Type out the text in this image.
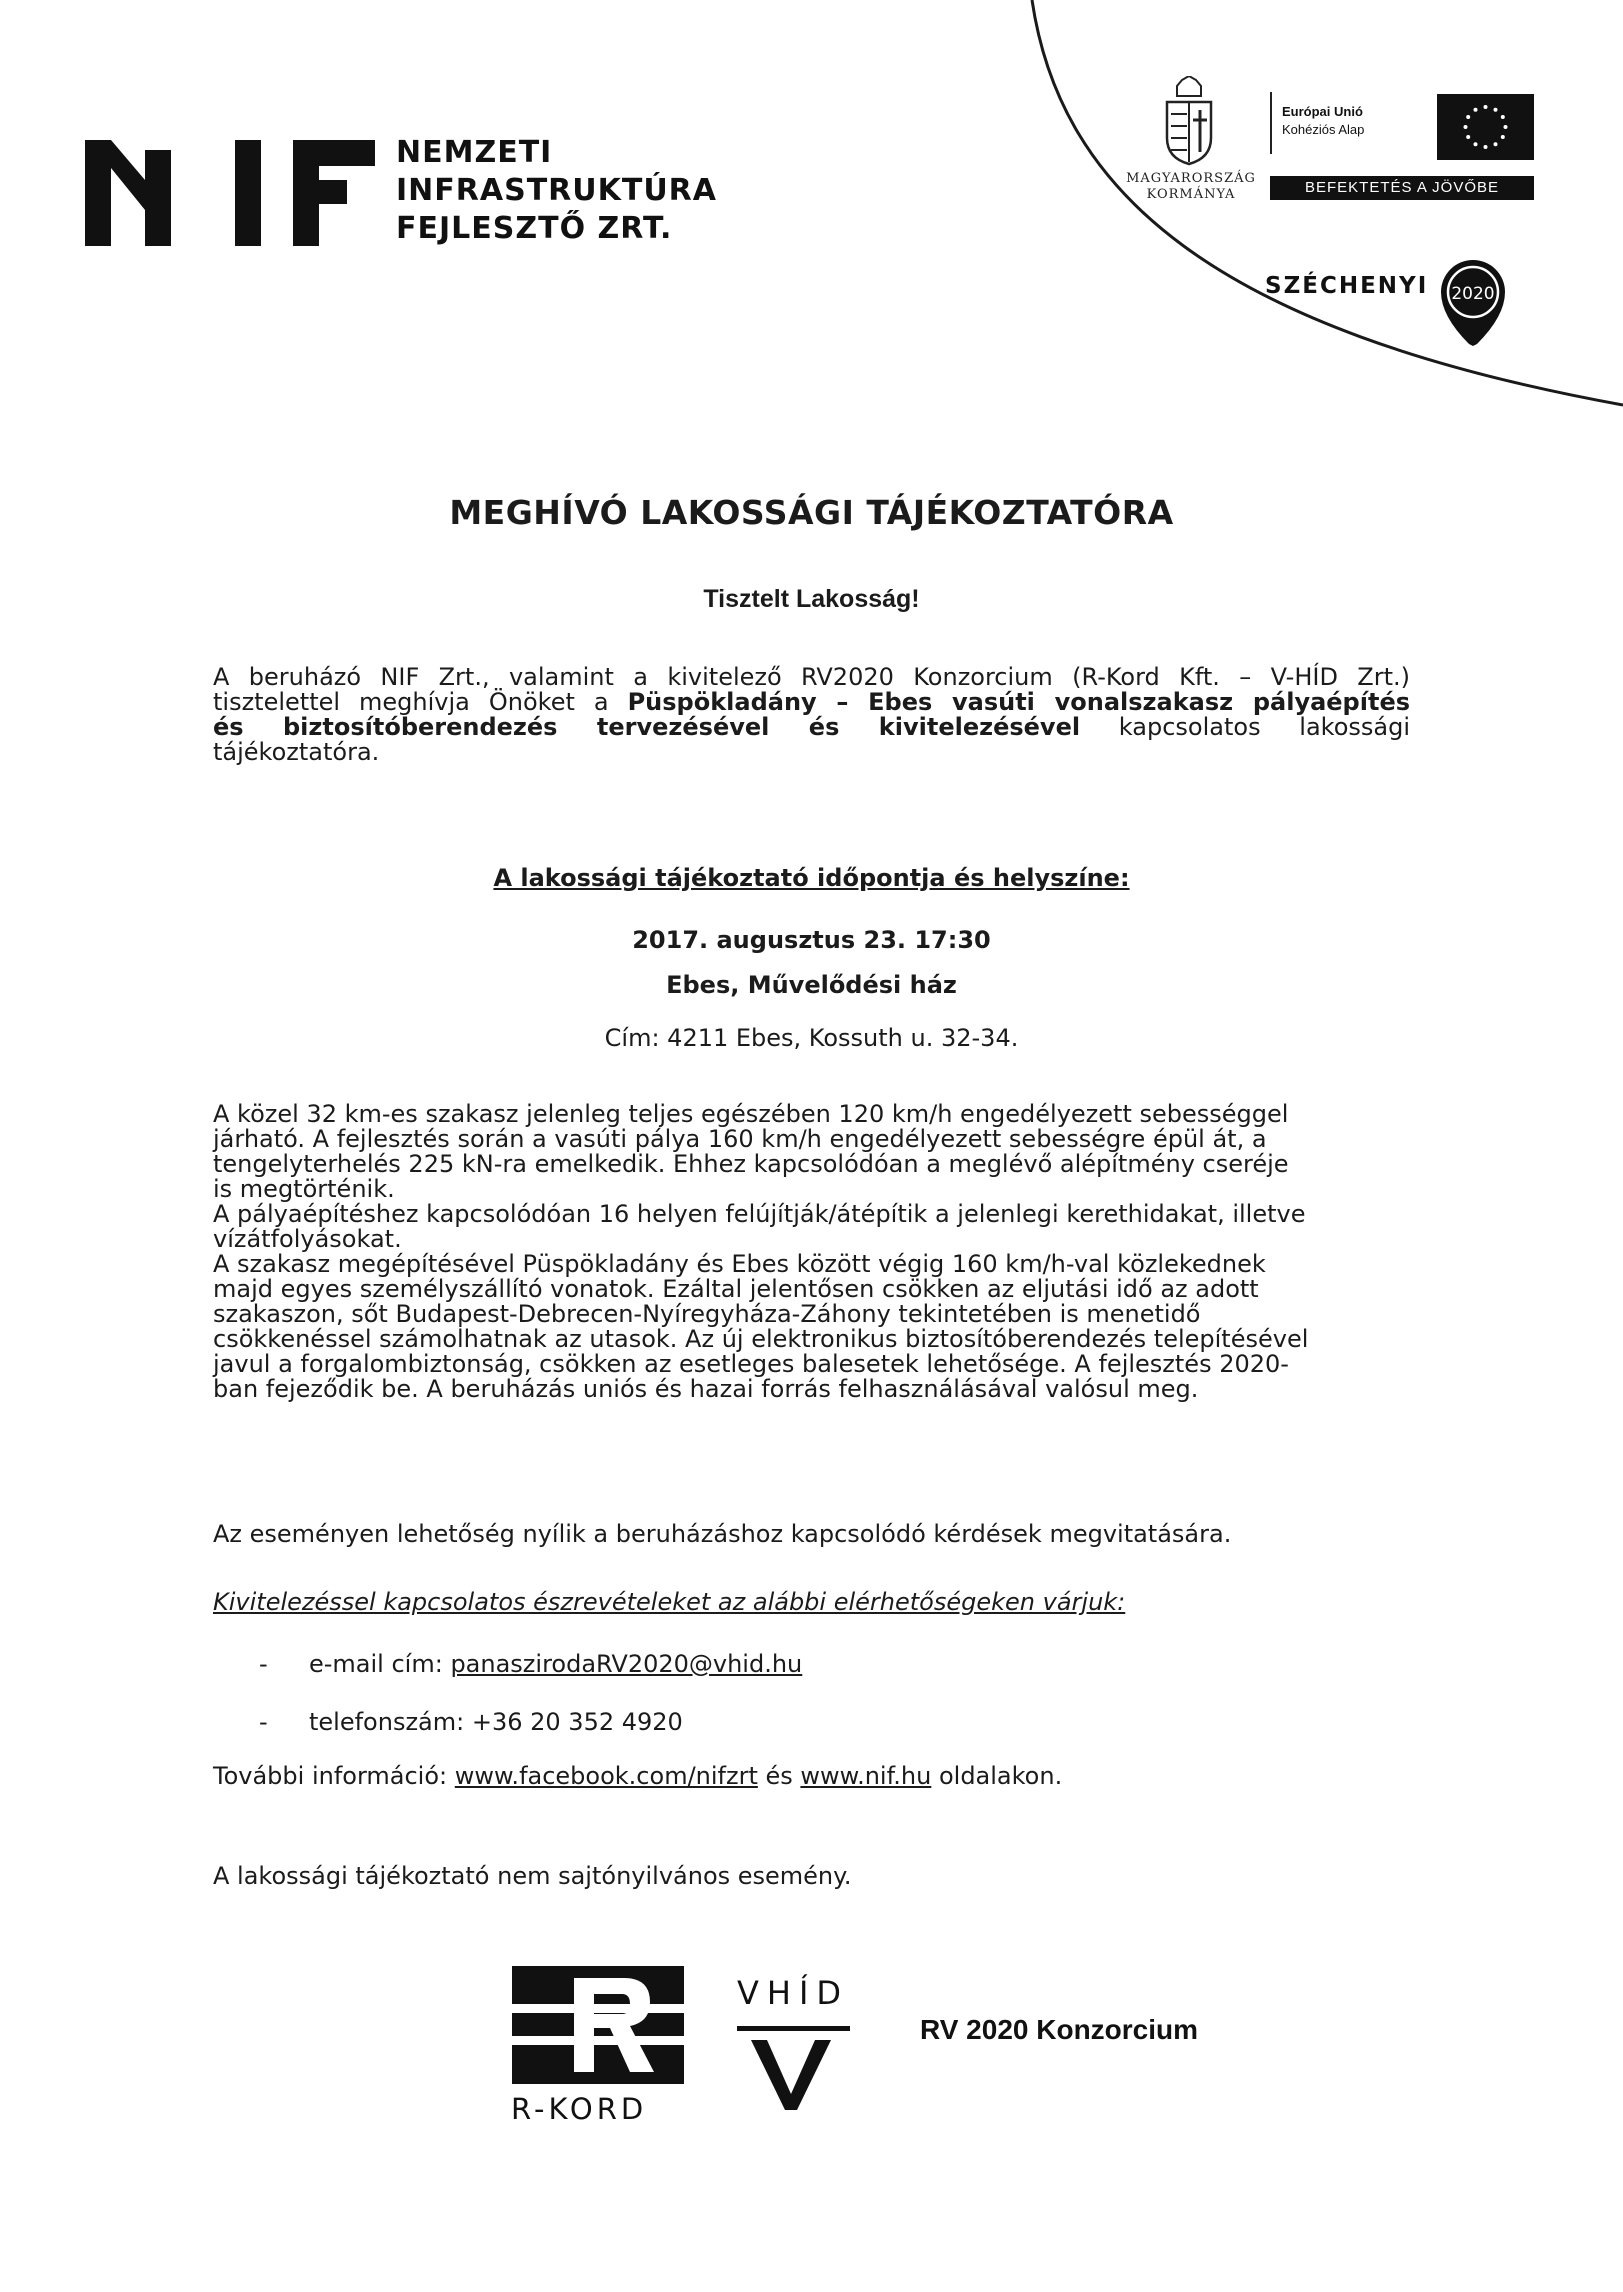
NEMZETI
INFRASTRUKTÚRA
FEJLESZTŐ ZRT.
MAGYARORSZÁG
KORMÁNYA
Európai Unió
Kohéziós Alap
BEFEKTETÉS A JÖVŐBE
SZÉCHENYI 2020
MEGHÍVÓ LAKOSSÁGI TÁJÉKOZTATÓRA
Tisztelt Lakosság!
A beruházó NIF Zrt., valamint a kivitelező RV2020 Konzorcium (R-Kord Kft. – V-HÍD Zrt.)
tisztelettel meghívja Önöket a Püspökladány – Ebes vasúti vonalszakasz pályaépítés
és biztosítóberendezés tervezésével és kivitelezésével kapcsolatos lakossági
tájékoztatóra.
A lakossági tájékoztató időpontja és helyszíne:
2017. augusztus 23. 17:30
Ebes, Művelődési ház
Cím: 4211 Ebes, Kossuth u. 32-34.
A közel 32 km-es szakasz jelenleg teljes egészében 120 km/h engedélyezett sebességgel
járható. A fejlesztés során a vasúti pálya 160 km/h engedélyezett sebességre épül át, a
tengelyterhelés 225 kN-ra emelkedik. Ehhez kapcsolódóan a meglévő alépítmény cseréje
is megtörténik.
A pályaépítéshez kapcsolódóan 16 helyen felújítják/átépítik a jelenlegi kerethidakat, illetve
vízátfolyásokat.
A szakasz megépítésével Püspökladány és Ebes között végig 160 km/h-val közlekednek
majd egyes személyszállító vonatok. Ezáltal jelentősen csökken az eljutási idő az adott
szakaszon, sőt Budapest-Debrecen-Nyíregyháza-Záhony tekintetében is menetidő
csökkenéssel számolhatnak az utasok. Az új elektronikus biztosítóberendezés telepítésével
javul a forgalombiztonság, csökken az esetleges balesetek lehetősége. A fejlesztés 2020-
ban fejeződik be. A beruházás uniós és hazai forrás felhasználásával valósul meg.
Az eseményen lehetőség nyílik a beruházáshoz kapcsolódó kérdések megvitatására.
Kivitelezéssel kapcsolatos észrevételeket az alábbi elérhetőségeken várjuk:
- e-mail cím: panaszirodaRV2020@vhid.hu
- telefonszám: +36 20 352 4920
További információ: www.facebook.com/nifzrt és www.nif.hu oldalakon.
A lakossági tájékoztató nem sajtónyilvános esemény.
R-KORD
VHÍD
RV 2020 Konzorcium
